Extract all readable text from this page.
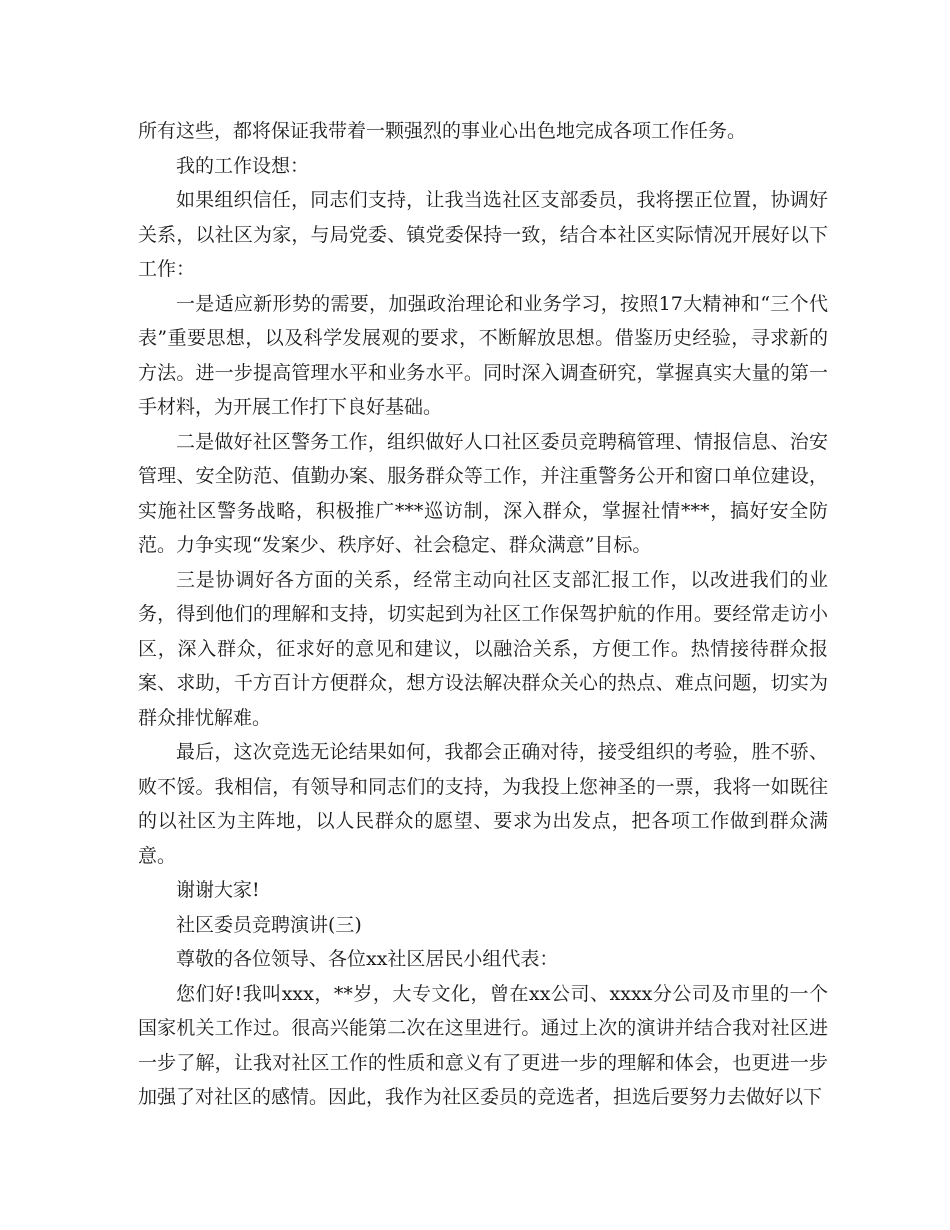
所有这些，都将保证我带着一颗强烈的事业心出色地完成各项工作任务。

我的工作设想：

如果组织信任，同志们支持，让我当选社区支部委员，我将摆正位置，协调好关系，以社区为家，与局党委、镇党委保持一致，结合本社区实际情况开展好以下工作：

一是适应新形势的需要，加强政治理论和业务学习，按照17大精神和“三个代表”重要思想，以及科学发展观的要求，不断解放思想。借鉴历史经验，寻求新的方法。进一步提高管理水平和业务水平。同时深入调查研究，掌握真实大量的第一手材料，为开展工作打下良好基础。

二是做好社区警务工作，组织做好人口社区委员竞聘稿管理、情报信息、治安管理、安全防范、值勤办案、服务群众等工作，并注重警务公开和窗口单位建设，实施社区警务战略，积极推广***巡访制，深入群众，掌握社情***，搞好安全防范。力争实现“发案少、秩序好、社会稳定、群众满意”目标。

三是协调好各方面的关系，经常主动向社区支部汇报工作，以改进我们的业务，得到他们的理解和支持，切实起到为社区工作保驾护航的作用。要经常走访小区，深入群众，征求好的意见和建议，以融洽关系，方便工作。热情接待群众报案、求助，千方百计方便群众，想方设法解决群众关心的热点、难点问题，切实为群众排忧解难。

最后，这次竞选无论结果如何，我都会正确对待，接受组织的考验，胜不骄、败不馁。我相信，有领导和同志们的支持，为我投上您神圣的一票，我将一如既往的以社区为主阵地，以人民群众的愿望、要求为出发点，把各项工作做到群众满意。

谢谢大家!

社区委员竞聘演讲(三)

尊敬的各位领导、各位xx社区居民小组代表：

您们好!我叫xxx，**岁，大专文化，曾在xx公司、xxxx分公司及市里的一个国家机关工作过。很高兴能第二次在这里进行。通过上次的演讲并结合我对社区进一步了解，让我对社区工作的性质和意义有了更进一步的理解和体会，也更进一步加强了对社区的感情。因此，我作为社区委员的竞选者，担选后要努力去做好以下
